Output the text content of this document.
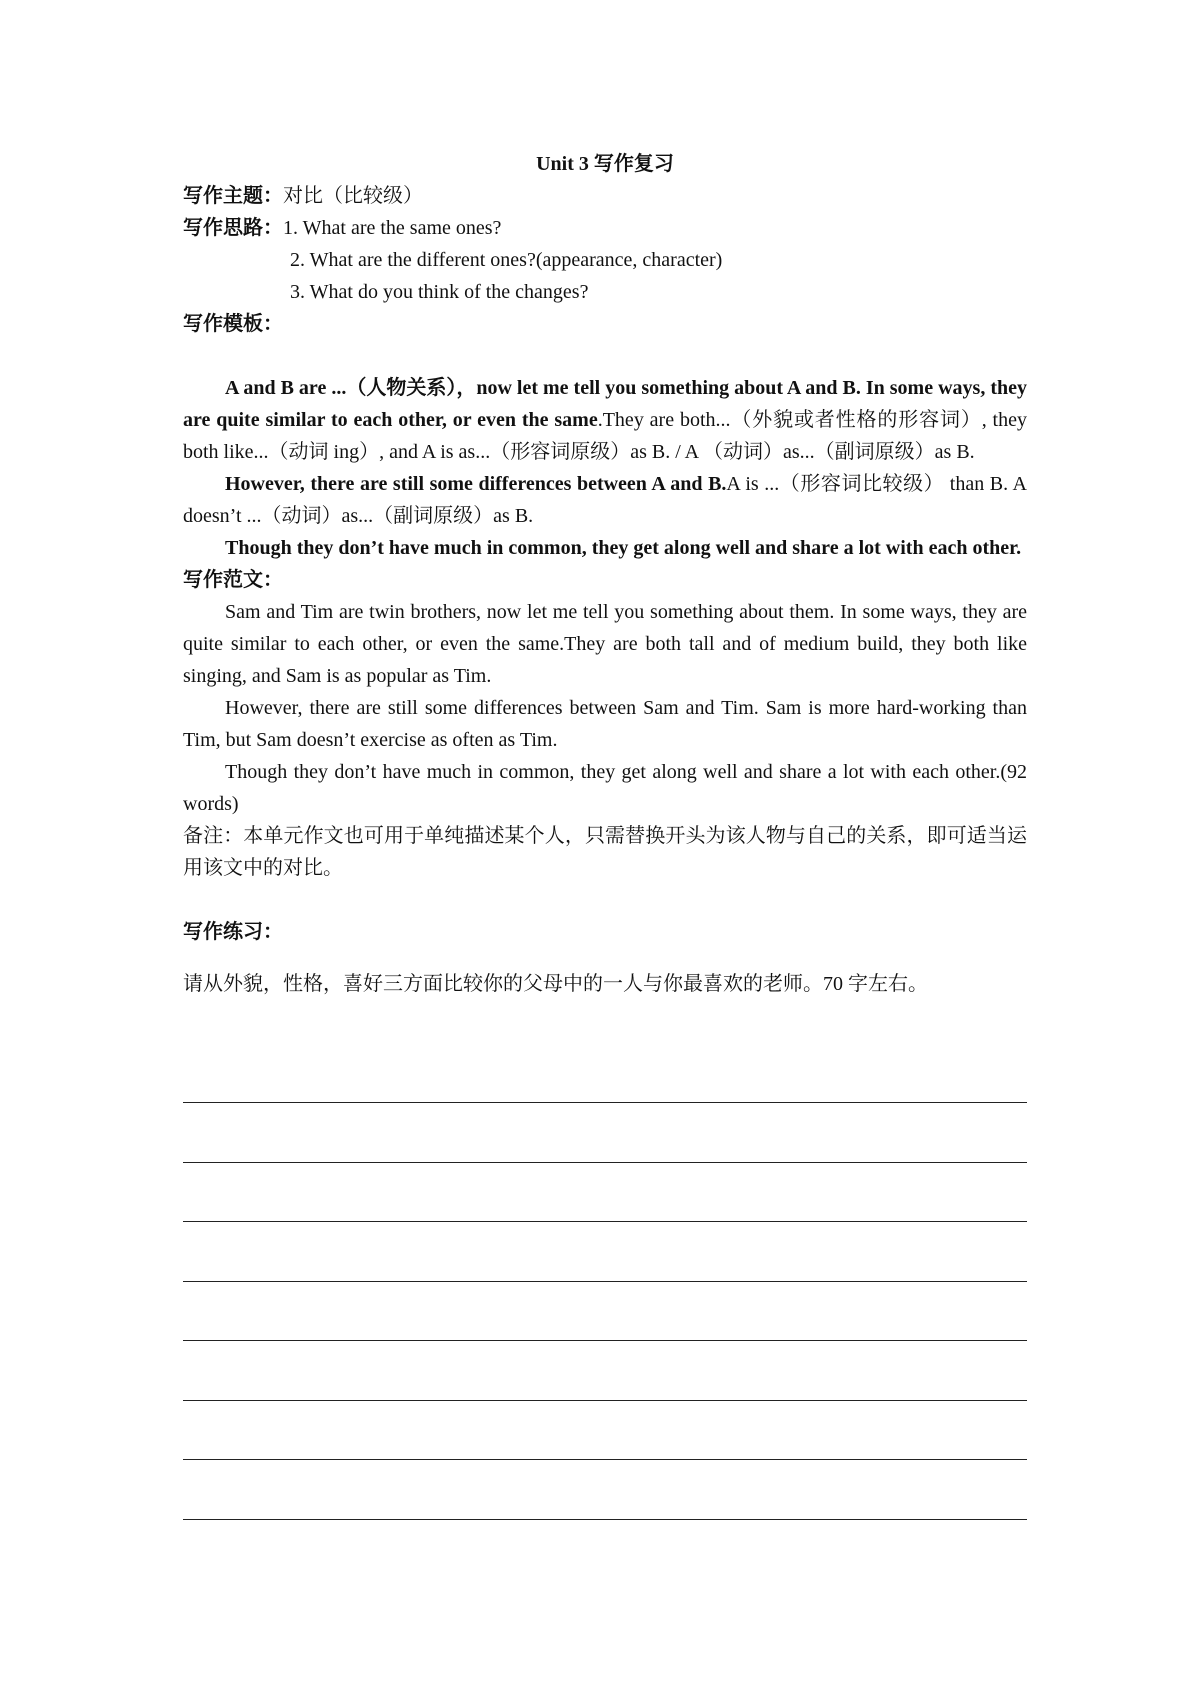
Unit 3 写作复习
写作主题： 对比（比较级）
写作思路： 1. What are the same ones?
2. What are the different ones?(appearance, character)
3. What do you think of the changes?
写作模板：
A and B are ...（人物关系），now let me tell you something about A and B. In some ways, they are quite similar to each other, or even the same.They are both...（外貌或者性格的形容词）, they both like...（动词 ing）, and A is as...（形容词原级）as B. / A （动词）as...（副词原级）as B.
However, there are still some differences between A and B.A is ...（形容词比较级） than B. A doesn’t ...（动词）as...（副词原级）as B.
Though they don’t have much in common, they get along well and share a lot with each other.
写作范文：
Sam and Tim are twin brothers, now let me tell you something about them. In some ways, they are quite similar to each other, or even the same.They are both tall and of medium build, they both like singing, and Sam is as popular as Tim.
However, there are still some differences between Sam and Tim. Sam is more hard-working than Tim, but Sam doesn’t exercise as often as Tim.
Though they don’t have much in common, they get along well and share a lot with each other.(92 words)
备注：本单元作文也可用于单纯描述某个人，只需替换开头为该人物与自己的关系，即可适当运用该文中的对比。
写作练习：
请从外貌，性格，喜好三方面比较你的父母中的一人与你最喜欢的老师。70 字左右。
